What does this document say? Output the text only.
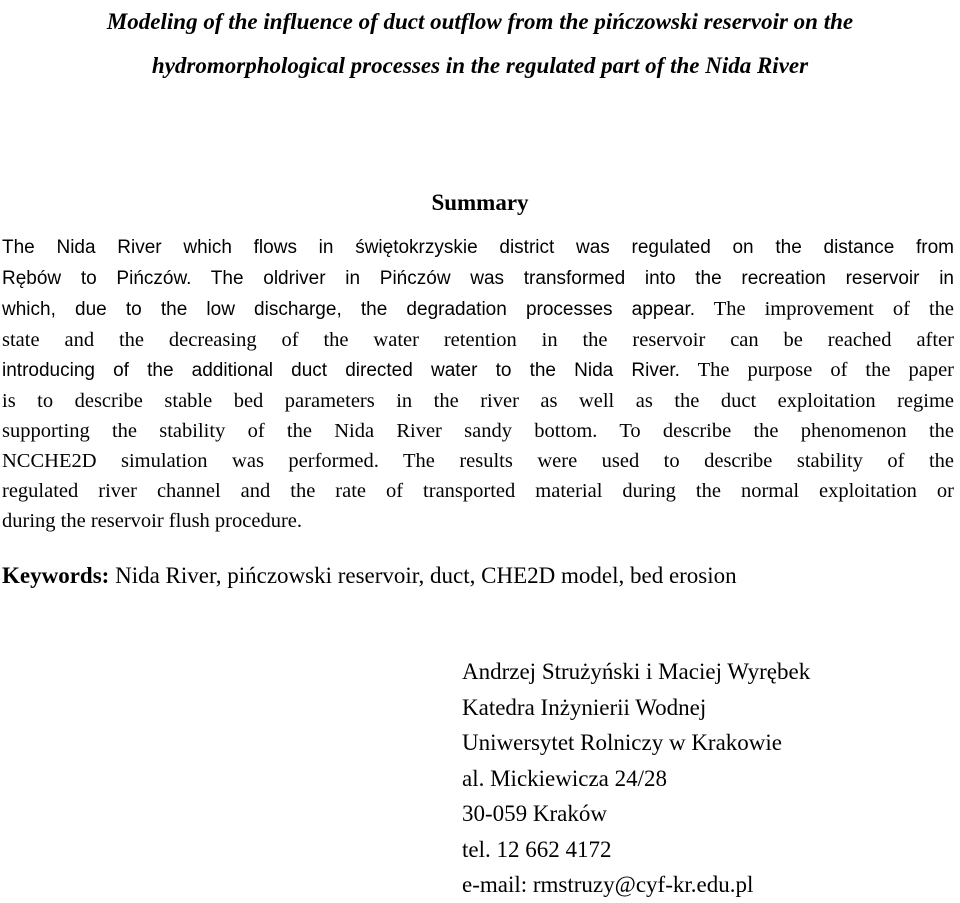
Modeling of the influence of duct outflow from the pińczowski reservoir on the
hydromorphological processes in the regulated part of the Nida River
Summary
The Nida River which flows in świętokrzyskie district was regulated on the distance from
Rębów to Pińczów. The oldriver in Pińczów was transformed into the recreation reservoir in
which, due to the low discharge, the degradation processes appear. The improvement of the
state and the decreasing of the water retention in the reservoir can be reached after
introducing of the additional duct directed water to the Nida River. The purpose of the paper
is to describe stable bed parameters in the river as well as the duct exploitation regime
supporting the stability of the Nida River sandy bottom. To describe the phenomenon the
NCCHE2D simulation was performed. The results were used to describe stability of the
regulated river channel and the rate of transported material during the normal exploitation or
during the reservoir flush procedure.
Keywords: Nida River, pińczowski reservoir, duct, CHE2D model, bed erosion
Andrzej Strużyński i Maciej Wyrębek
Katedra Inżynierii Wodnej
Uniwersytet Rolniczy w Krakowie
al. Mickiewicza 24/28
30-059 Kraków
tel. 12 662 4172
e-mail: rmstruzy@cyf-kr.edu.pl
